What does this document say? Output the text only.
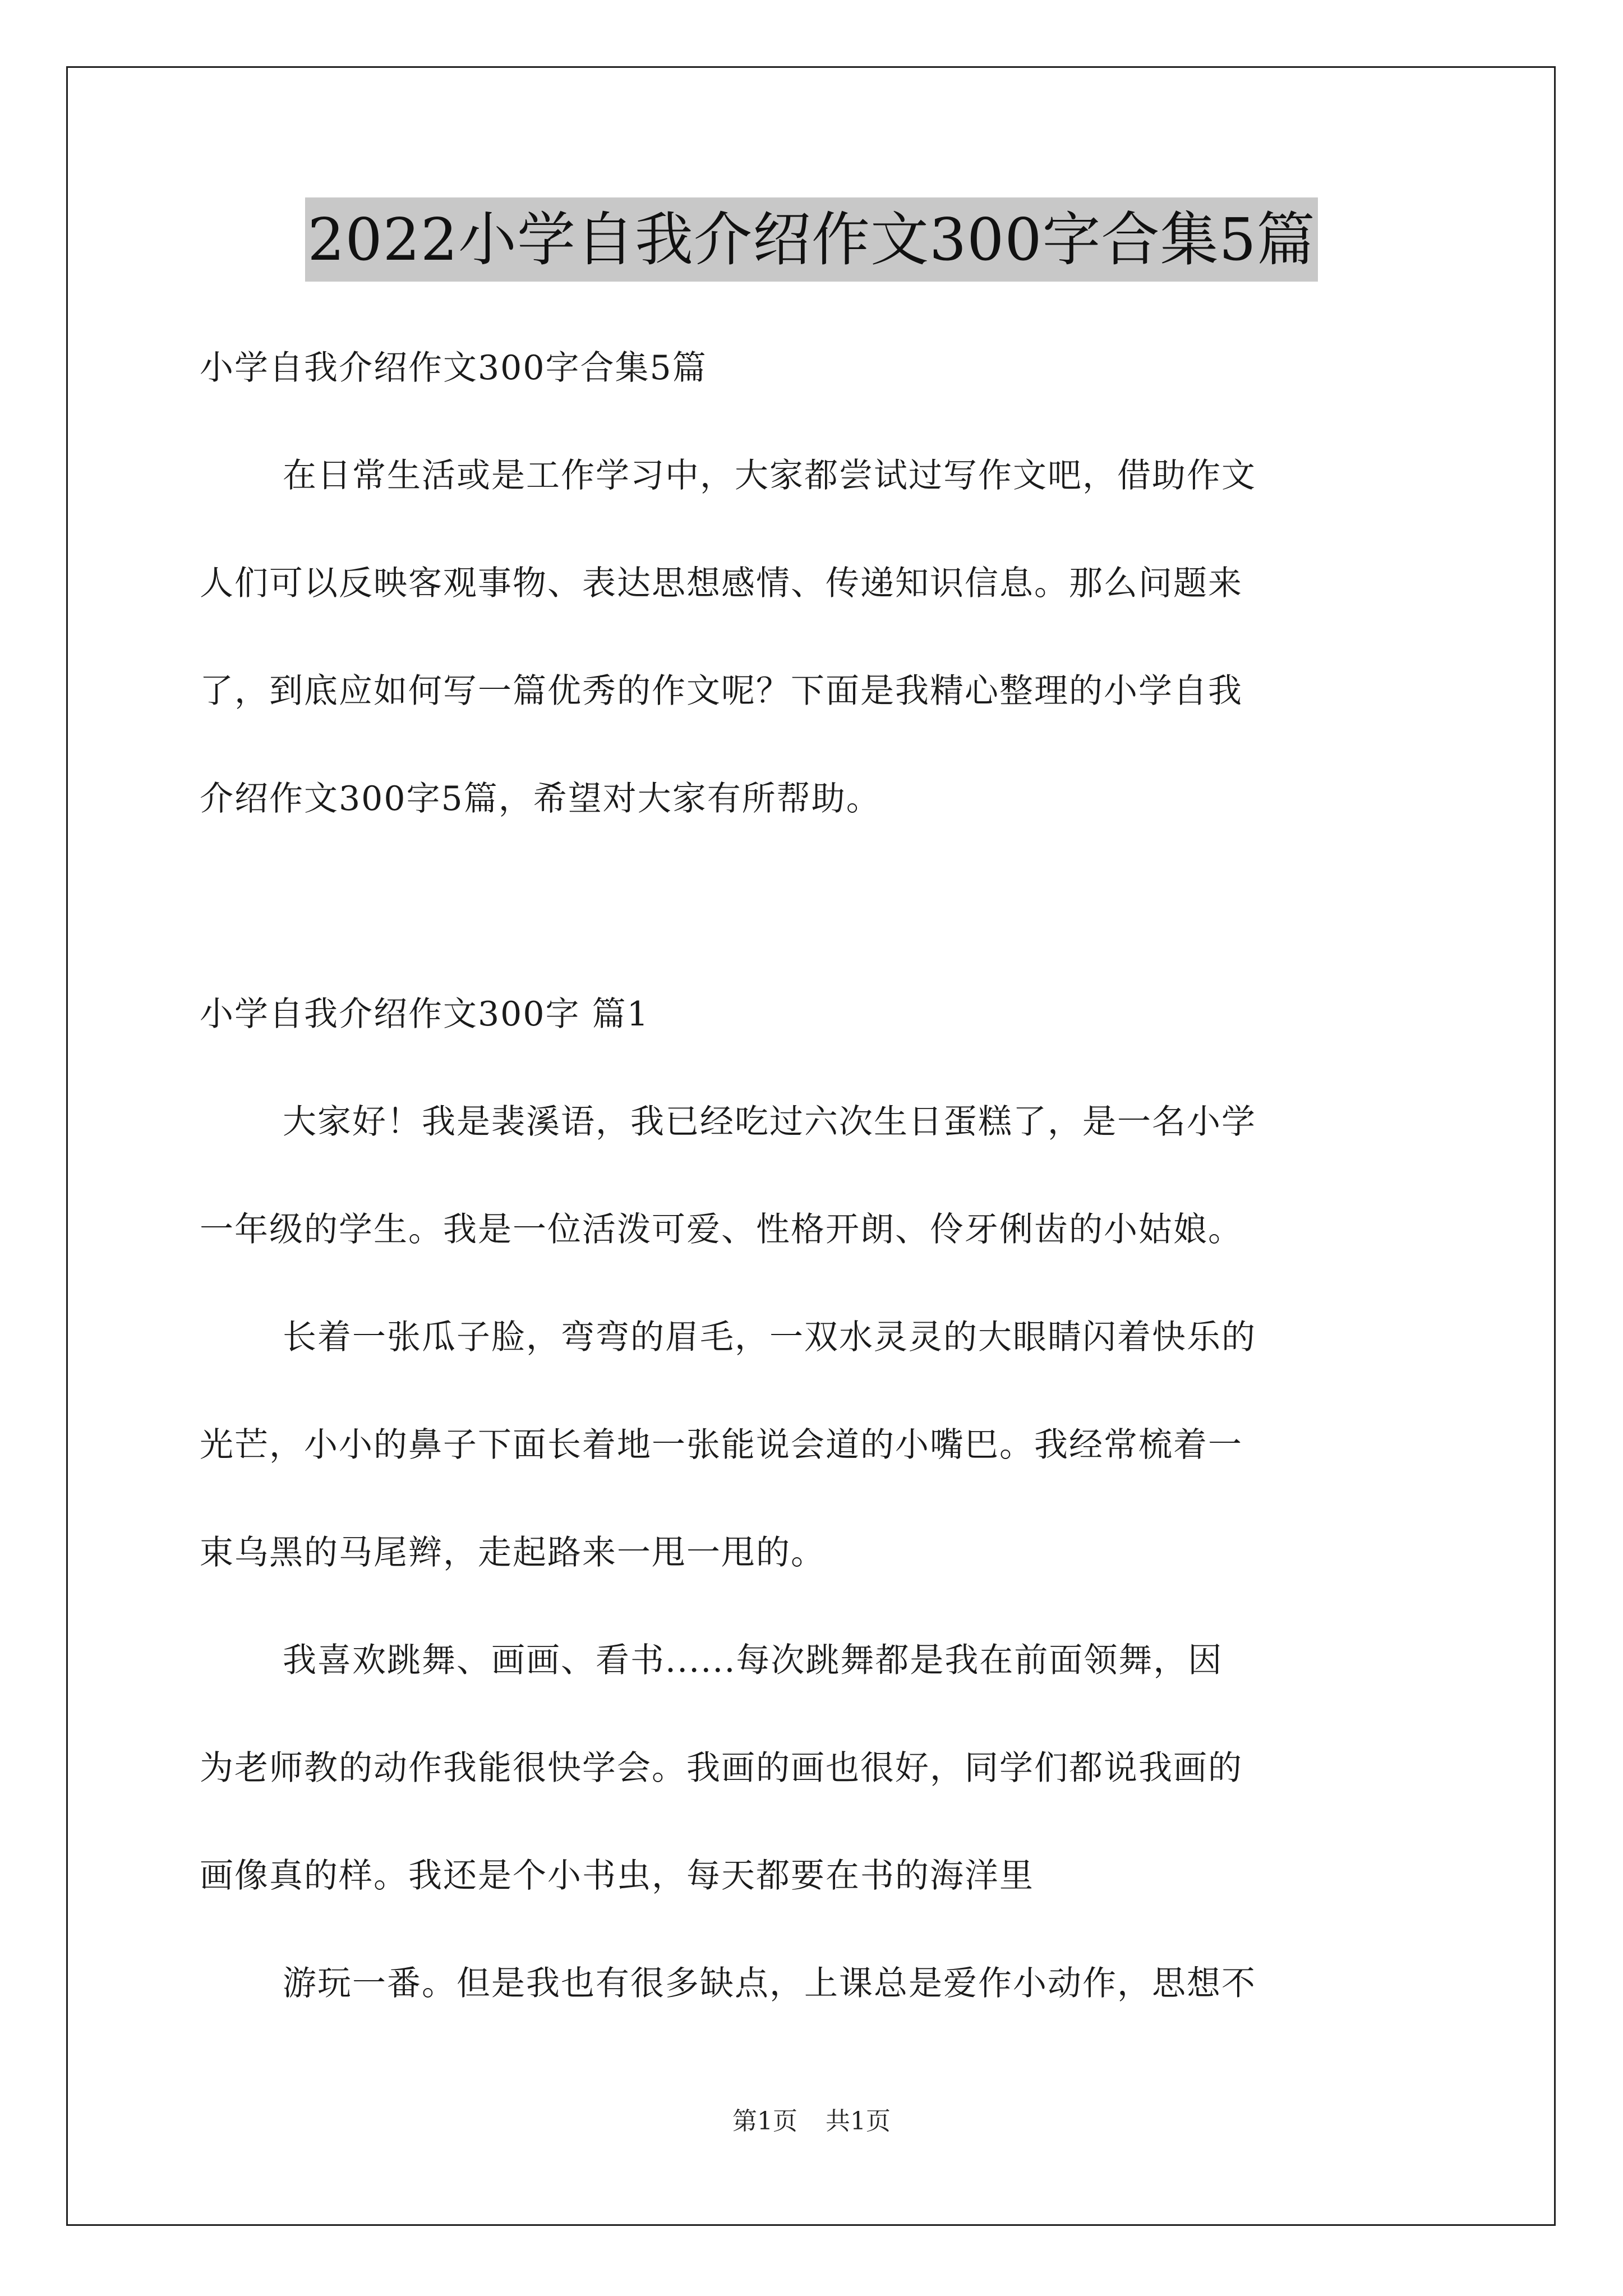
2022小学自我介绍作文300字合集5篇
小学自我介绍作文300字合集5篇
在日常生活或是工作学习中，大家都尝试过写作文吧，借助作文
人们可以反映客观事物、表达思想感情、传递知识信息。那么问题来
了，到底应如何写一篇优秀的作文呢？下面是我精心整理的小学自我
介绍作文300字5篇，希望对大家有所帮助。
小学自我介绍作文300字 篇1
大家好！我是裴溪语，我已经吃过六次生日蛋糕了，是一名小学
一年级的学生。我是一位活泼可爱、性格开朗、伶牙俐齿的小姑娘。
长着一张瓜子脸，弯弯的眉毛，一双水灵灵的大眼睛闪着快乐的
光芒，小小的鼻子下面长着地一张能说会道的小嘴巴。我经常梳着一
束乌黑的马尾辫，走起路来一甩一甩的。
我喜欢跳舞、画画、看书......每次跳舞都是我在前面领舞，因
为老师教的动作我能很快学会。我画的画也很好，同学们都说我画的
画像真的样。我还是个小书虫，每天都要在书的海洋里
游玩一番。但是我也有很多缺点，上课总是爱作小动作，思想不
第1页 共1页
